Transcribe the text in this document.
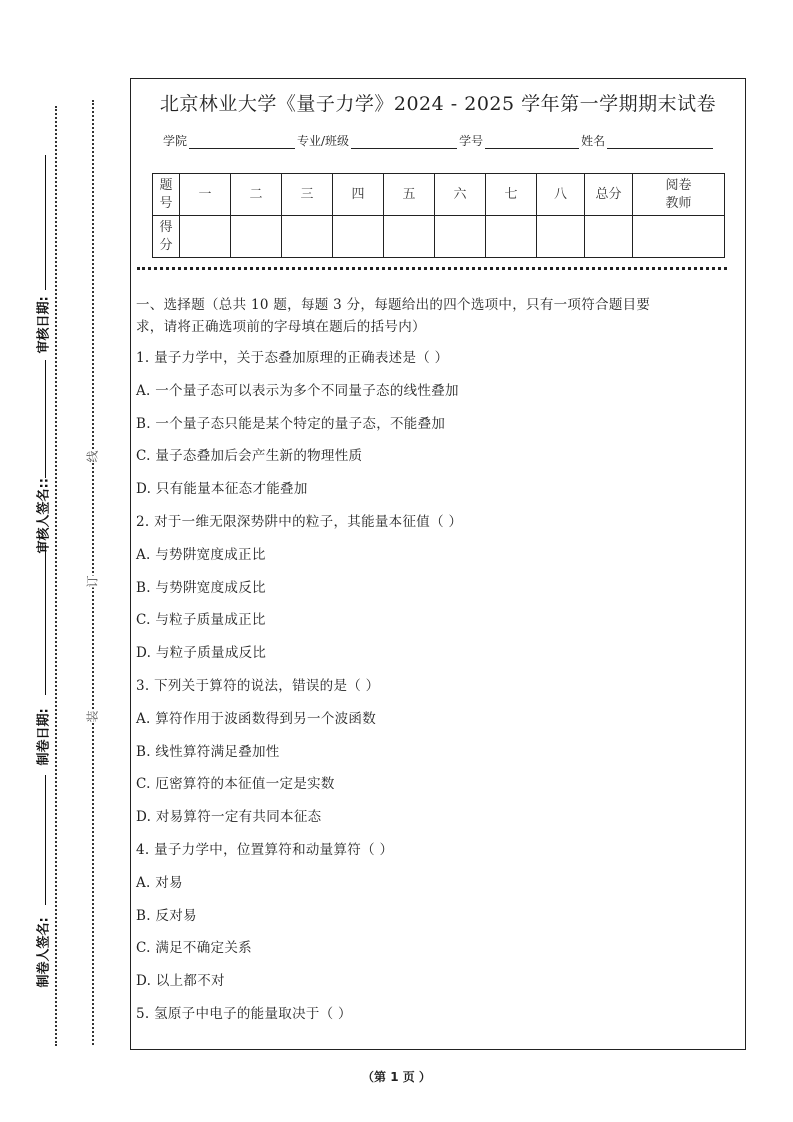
审核日期:
审核人签名::
制卷日期:
制卷人签名:
线
订
装
北京林业大学《量子力学》2024 - 2025 学年第一学期期末试卷
学院	专业/班级	学号	姓名
题号	一	二	三	四	五	六	七	八	总分	阅卷教师
得分										
一、选择题（总共 10 题，每题 3 分，每题给出的四个选项中，只有一项符合题目要
求，请将正确选项前的字母填在题后的括号内）
1. 量子力学中，关于态叠加原理的正确表述是（ ）
A. 一个量子态可以表示为多个不同量子态的线性叠加
B. 一个量子态只能是某个特定的量子态，不能叠加
C. 量子态叠加后会产生新的物理性质
D. 只有能量本征态才能叠加
2. 对于一维无限深势阱中的粒子，其能量本征值（ ）
A. 与势阱宽度成正比
B. 与势阱宽度成反比
C. 与粒子质量成正比
D. 与粒子质量成反比
3. 下列关于算符的说法，错误的是（ ）
A. 算符作用于波函数得到另一个波函数
B. 线性算符满足叠加性
C. 厄密算符的本征值一定是实数
D. 对易算符一定有共同本征态
4. 量子力学中，位置算符和动量算符（ ）
A. 对易
B. 反对易
C. 满足不确定关系
D. 以上都不对
5. 氢原子中电子的能量取决于（ ）
（第 1 页 ）
